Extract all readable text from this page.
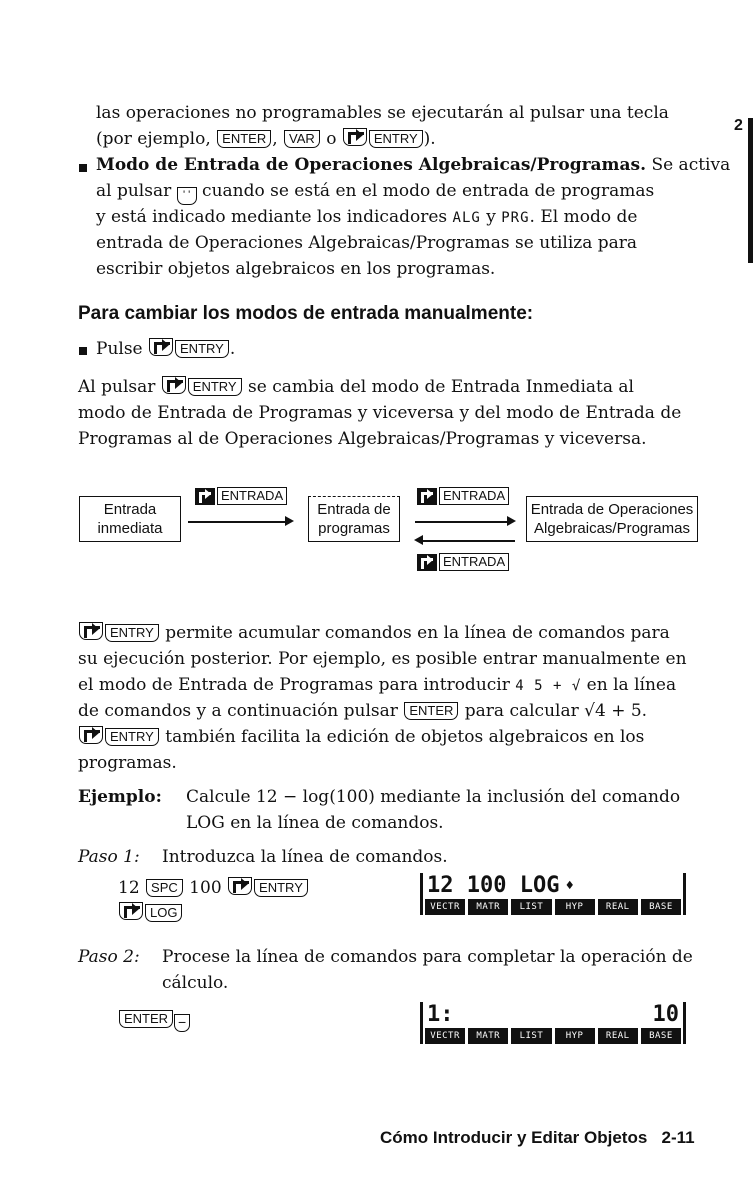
2
las operaciones no programables se ejecutarán al pulsar una tecla
(por ejemplo, ENTER , VAR o ENTRY ).
Modo de Entrada de Operaciones Algebraicas/Programas. Se activa
al pulsar ' ' cuando se está en el modo de entrada de programas
y está indicado mediante los indicadores ALG y PRG. El modo de
entrada de Operaciones Algebraicas/Programas se utiliza para
escribir objetos algebraicos en los programas.
Para cambiar los modos de entrada manualmente:
Pulse ENTRY .
Al pulsar ENTRY se cambia del modo de Entrada Inmediata al
modo de Entrada de Programas y viceversa y del modo de Entrada de
Programas al de Operaciones Algebraicas/Programas y viceversa.
Entrada
inmediata
ENTRADA
Entrada de
programas
ENTRADA
ENTRADA
Entrada de Operaciones
Algebraicas/Programas
ENTRY permite acumular comandos en la línea de comandos para
su ejecución posterior. Por ejemplo, es posible entrar manualmente en
el modo de Entrada de Programas para introducir 4 5 + √ en la línea
de comandos y a continuación pulsar ENTER para calcular √4 + 5.
ENTRY también facilita la edición de objetos algebraicos en los
programas.
Ejemplo: Calcule 12 − log(100) mediante la inclusión del comando
LOG en la línea de comandos.
Paso 1: Introduzca la línea de comandos.
12 SPC 100 ENTRY
LOG
12 100 LOG ♦
VECTR	MATR	LIST	HYP	REAL	BASE
Paso 2: Procese la línea de comandos para completar la operación de
cálculo.
ENTER −	1:	10
VECTR	MATR	LIST	HYP	REAL	BASE
Cómo Introducir y Editar Objetos 2-11
